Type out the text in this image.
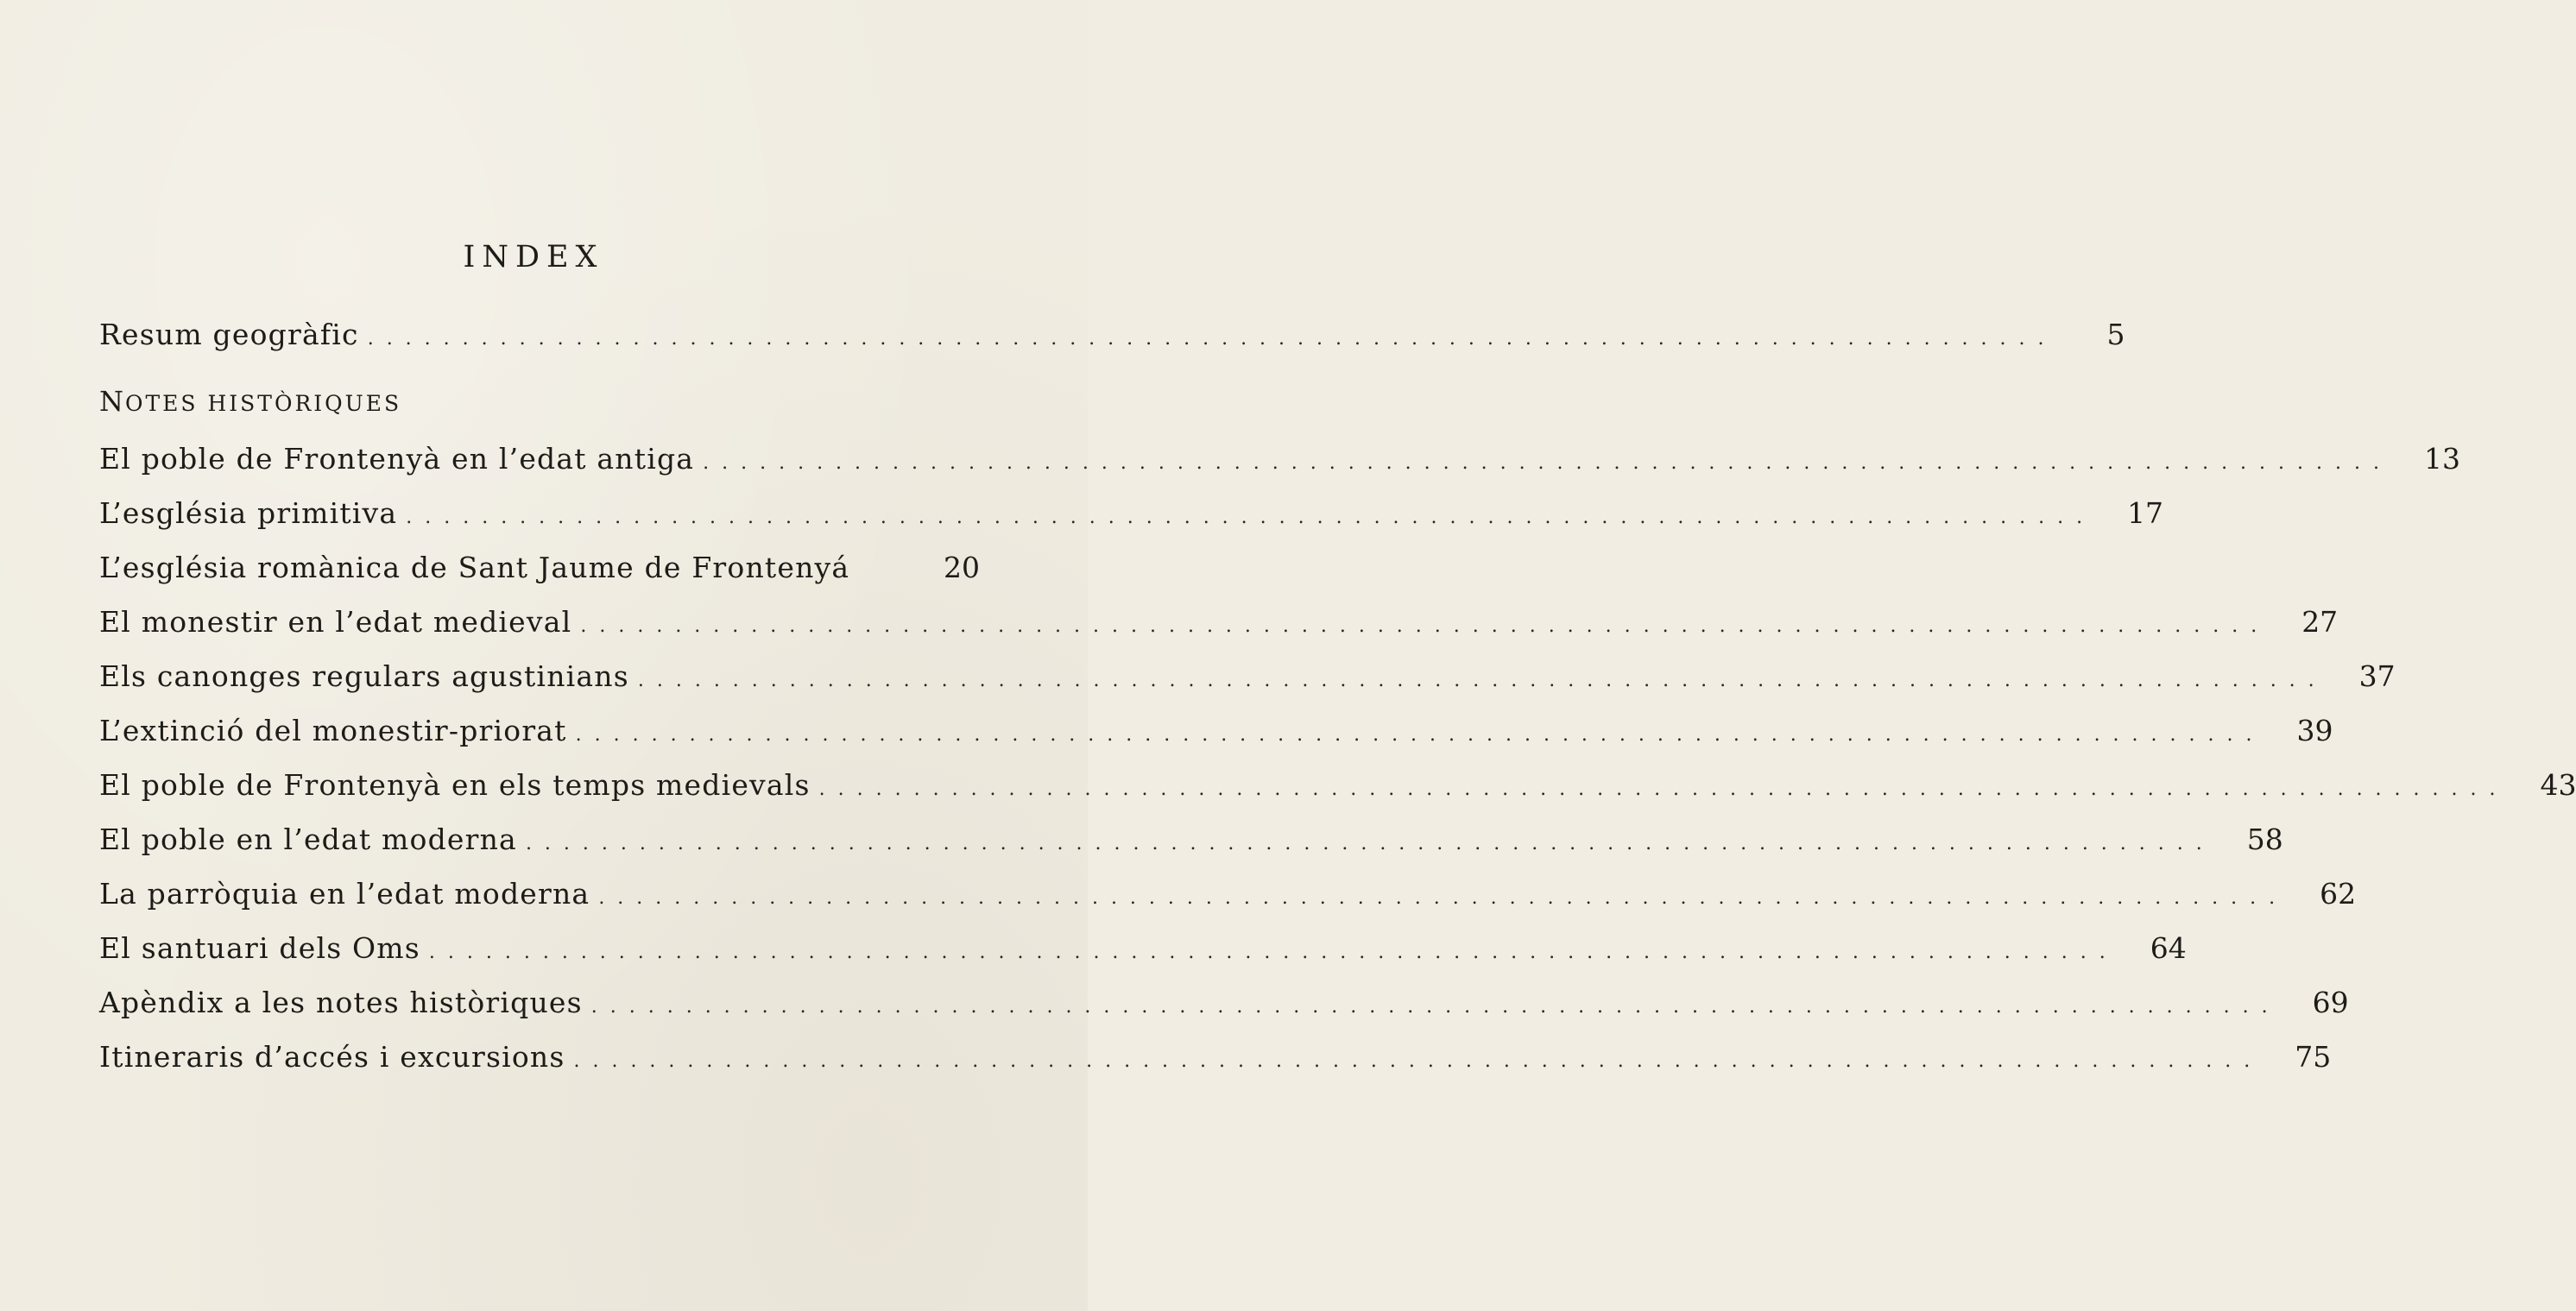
INDEX
Resum geogràfic . . . . . . . . . . . . . . . . . . . . . . . . . . . . . . . . . . . . . . . . . . . . . . . . . . . . . . . . . . . . . . . . . . . . . . . . . . . . . . . . . . . . . . . . .	5
NOTES HISTÒRIQUES
El poble de Frontenyà en l’edat antiga . . . . . . . . . . . . . . . . . . . . . . . . . . . . . . . . . . . . . . . . . . . . . . . . . . . . . . . . . . . . . . . . . . . . . . . . . . . . . . . . . . . . . . . . . 13
L’església primitiva . . . . . . . . . . . . . . . . . . . . . . . . . . . . . . . . . . . . . . . . . . . . . . . . . . . . . . . . . . . . . . . . . . . . . . . . . . . . . . . . . . . . . . . . . 17
L’església romànica de Sant Jaume de Frontenyá	20
El monestir en l’edat medieval . . . . . . . . . . . . . . . . . . . . . . . . . . . . . . . . . . . . . . . . . . . . . . . . . . . . . . . . . . . . . . . . . . . . . . . . . . . . . . . . . . . . . . . . . 27
Els canonges regulars agustinians . . . . . . . . . . . . . . . . . . . . . . . . . . . . . . . . . . . . . . . . . . . . . . . . . . . . . . . . . . . . . . . . . . . . . . . . . . . . . . . . . . . . . . . . . 37
L’extinció del monestir-priorat . . . . . . . . . . . . . . . . . . . . . . . . . . . . . . . . . . . . . . . . . . . . . . . . . . . . . . . . . . . . . . . . . . . . . . . . . . . . . . . . . . . . . . . . . 39
El poble de Frontenyà en els temps medievals . . . . . . . . . . . . . . . . . . . . . . . . . . . . . . . . . . . . . . . . . . . . . . . . . . . . . . . . . . . . . . . . . . . . . . . . . . . . . . . . . . . . . . . . . 43
El poble en l’edat moderna . . . . . . . . . . . . . . . . . . . . . . . . . . . . . . . . . . . . . . . . . . . . . . . . . . . . . . . . . . . . . . . . . . . . . . . . . . . . . . . . . . . . . . . . . 58
La parròquia en l’edat moderna . . . . . . . . . . . . . . . . . . . . . . . . . . . . . . . . . . . . . . . . . . . . . . . . . . . . . . . . . . . . . . . . . . . . . . . . . . . . . . . . . . . . . . . . . 62
El santuari dels Oms . . . . . . . . . . . . . . . . . . . . . . . . . . . . . . . . . . . . . . . . . . . . . . . . . . . . . . . . . . . . . . . . . . . . . . . . . . . . . . . . . . . . . . . . . 64
Apèndix a les notes històriques . . . . . . . . . . . . . . . . . . . . . . . . . . . . . . . . . . . . . . . . . . . . . . . . . . . . . . . . . . . . . . . . . . . . . . . . . . . . . . . . . . . . . . . . . 69
Itineraris d’accés i excursions . . . . . . . . . . . . . . . . . . . . . . . . . . . . . . . . . . . . . . . . . . . . . . . . . . . . . . . . . . . . . . . . . . . . . . . . . . . . . . . . . . . . . . . . . 75
